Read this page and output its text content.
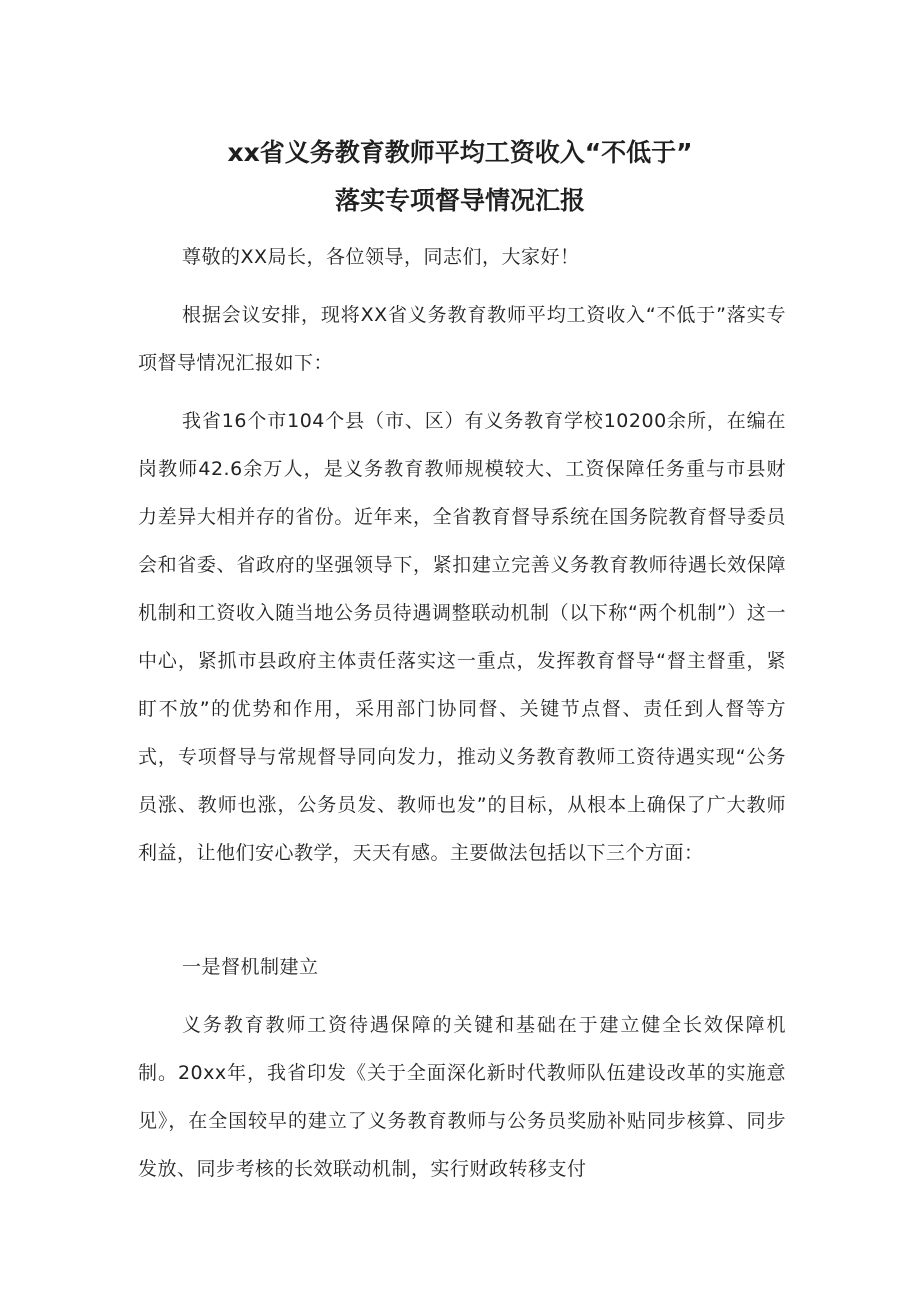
xx省义务教育教师平均工资收入“不低于”
落实专项督导情况汇报

尊敬的XX局长，各位领导，同志们，大家好！

根据会议安排，现将XX省义务教育教师平均工资收入“不低于”落实专项督导情况汇报如下：

我省16个市104个县（市、区）有义务教育学校10200余所，在编在岗教师42.6余万人，是义务教育教师规模较大、工资保障任务重与市县财力差异大相并存的省份。近年来，全省教育督导系统在国务院教育督导委员会和省委、省政府的坚强领导下，紧扣建立完善义务教育教师待遇长效保障机制和工资收入随当地公务员待遇调整联动机制（以下称“两个机制”）这一中心，紧抓市县政府主体责任落实这一重点，发挥教育督导“督主督重，紧盯不放”的优势和作用，采用部门协同督、关键节点督、责任到人督等方式，专项督导与常规督导同向发力，推动义务教育教师工资待遇实现“公务员涨、教师也涨，公务员发、教师也发”的目标，从根本上确保了广大教师利益，让他们安心教学，天天有感。主要做法包括以下三个方面：

一是督机制建立

义务教育教师工资待遇保障的关键和基础在于建立健全长效保障机制。20xx年，我省印发《关于全面深化新时代教师队伍建设改革的实施意见》，在全国较早的建立了义务教育教师与公务员奖励补贴同步核算、同步发放、同步考核的长效联动机制，实行财政转移支付
